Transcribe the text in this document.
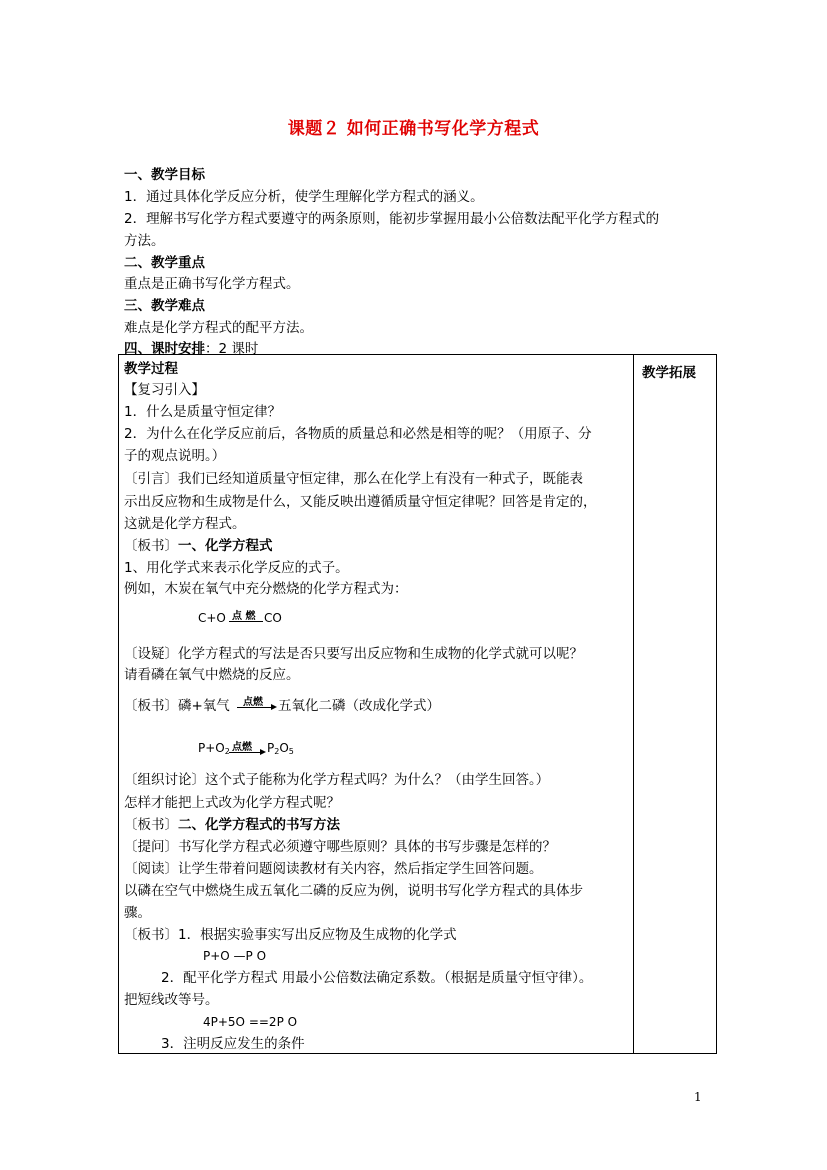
课题２ 如何正确书写化学方程式
一、教学目标
1．通过具体化学反应分析，使学生理解化学方程式的涵义。
2．理解书写化学方程式要遵守的两条原则，能初步掌握用最小公倍数法配平化学方程式的
方法。
二、教学重点
重点是正确书写化学方程式。
三、教学难点
难点是化学方程式的配平方法。
四、课时安排：2 课时
教学过程
【复习引入】
1．什么是质量守恒定律？
2．为什么在化学反应前后，各物质的质量总和必然是相等的呢？（用原子、分
子的观点说明。）
〔引言〕我们已经知道质量守恒定律，那么在化学上有没有一种式子，既能表
示出反应物和生成物是什么，又能反映出遵循质量守恒定律呢？回答是肯定的，
这就是化学方程式。
〔板书〕一、化学方程式
1、用化学式来表示化学反应的式子。
例如，木炭在氧气中充分燃烧的化学方程式为：
C+O 点 燃 CO
〔设疑〕化学方程式的写法是否只要写出反应物和生成物的化学式就可以呢？
请看磷在氧气中燃烧的反应。
〔板书〕磷+氧气 点燃 五氧化二磷（改成化学式）
$P+O_2$ 点燃 $P_2O_5$
〔组织讨论〕这个式子能称为化学方程式吗？为什么？（由学生回答。）
怎样才能把上式改为化学方程式呢？
〔板书〕二、化学方程式的书写方法
〔提问〕书写化学方程式必须遵守哪些原则？具体的书写步骤是怎样的？
〔阅读〕让学生带着问题阅读教材有关内容，然后指定学生回答问题。
以磷在空气中燃烧生成五氧化二磷的反应为例，说明书写化学方程式的具体步
骤。
〔板书〕1．根据实验事实写出反应物及生成物的化学式
P+O —P O
2．配平化学方程式 用最小公倍数法确定系数。（根据是质量守恒守律）。
把短线改等号。
4P+5O ==2P O
3．注明反应发生的条件

教学拓展
1
